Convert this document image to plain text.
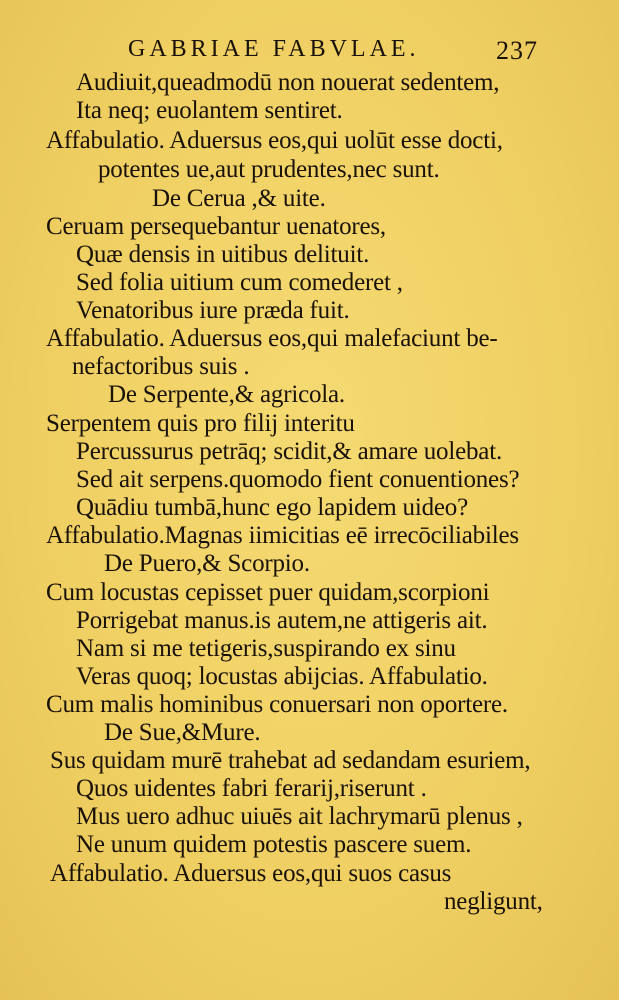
GABRIAE FABVLAE.	237
Audiuit,queadmodū non nouerat sedentem,
Ita neq; euolantem sentiret.
Affabulatio. Aduersus eos,qui uolūt esse docti,
potentes ue,aut prudentes,nec sunt.
De Cerua ,& uite.
Ceruam persequebantur uenatores,
Quæ densis in uitibus delituit.
Sed folia uitium cum comederet ,
Venatoribus iure præda fuit.
Affabulatio. Aduersus eos,qui malefaciunt be-
nefactoribus suis .
De Serpente,& agricola.
Serpentem quis pro filij interitu
Percussurus petrāq; scidit,& amare uolebat.
Sed ait serpens.quomodo fient conuentiones?
Quādiu tumbā,hunc ego lapidem uideo?
Affabulatio.Magnas iimicitias eē irrecōciliabiles
De Puero,& Scorpio.
Cum locustas cepisset puer quidam,scorpioni
Porrigebat manus.is autem,ne attigeris ait.
Nam si me tetigeris,suspirando ex sinu
Veras quoq; locustas abijcias. Affabulatio.
Cum malis hominibus conuersari non oportere.
De Sue,&Mure.
Sus quidam murē trahebat ad sedandam esuriem,
Quos uidentes fabri ferarij,riserunt .
Mus uero adhuc uiuēs ait lachrymarū plenus ,
Ne unum quidem potestis pascere suem.
Affabulatio. Aduersus eos,qui suos casus
negligunt,
